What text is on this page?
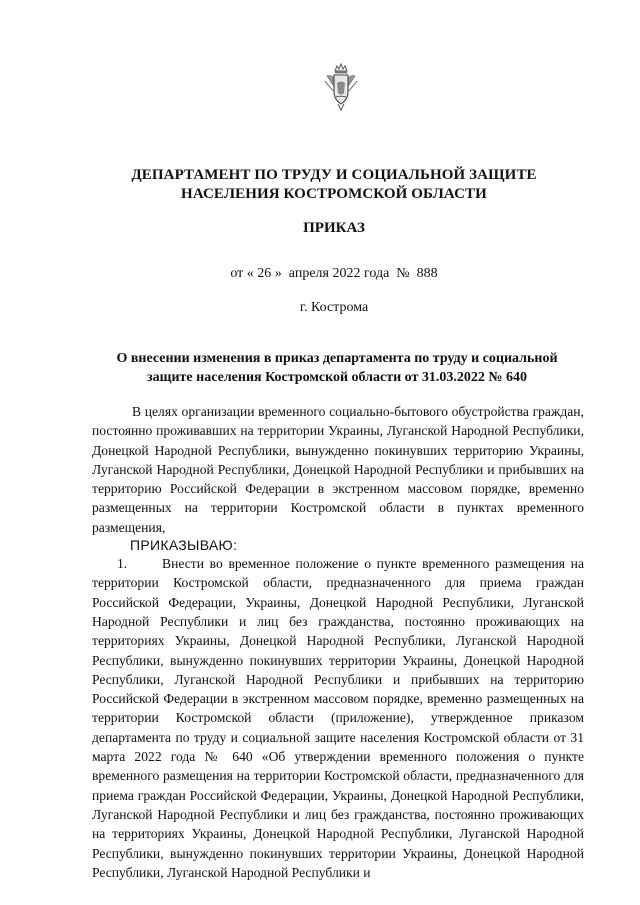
ДЕПАРТАМЕНТ ПО ТРУДУ И СОЦИАЛЬНОЙ ЗАЩИТЕ
НАСЕЛЕНИЯ КОСТРОМСКОЙ ОБЛАСТИ
ПРИКАЗ
от « 26 »  апреля 2022 года  №  888
г. Кострома
О внесении изменения в приказ департамента по труду и социальной
защите населения Костромской области от 31.03.2022 № 640

В целях организации временного социально-бытового обустройства граждан, постоянно проживавших на территории Украины, Луганской Народной Республики, Донецкой Народной Республики, вынужденно покинувших территорию Украины, Луганской Народной Республики, Донецкой Народной Республики и прибывших на территорию Российской Федерации в экстренном массовом порядке, временно размещенных на территории Костромской области в пунктах временного размещения,

ПРИКАЗЫВАЮ:

1.	Внести во временное положение о пункте временного размещения на территории Костромской области, предназначенного для приема граждан Российской Федерации, Украины, Донецкой Народной Республики, Луганской Народной Республики и лиц без гражданства, постоянно проживающих на территориях Украины, Донецкой Народной Республики, Луганской Народной Республики, вынужденно покинувших территории Украины, Донецкой Народной Республики, Луганской Народной Республики и прибывших на территорию Российской Федерации в экстренном массовом порядке, временно размещенных на территории Костромской области (приложение), утвержденное приказом департамента по труду и социальной защите населения Костромской области от 31 марта 2022 года № 640 «Об утверждении временного положения о пункте временного размещения на территории Костромской области, предназначенного для приема граждан Российской Федерации, Украины, Донецкой Народной Республики, Луганской Народной Республики и лиц без гражданства, постоянно проживающих на территориях Украины, Донецкой Народной Республики, Луганской Народной Республики, вынужденно покинувших территории Украины, Донецкой Народной Республики, Луганской Народной Республики и
